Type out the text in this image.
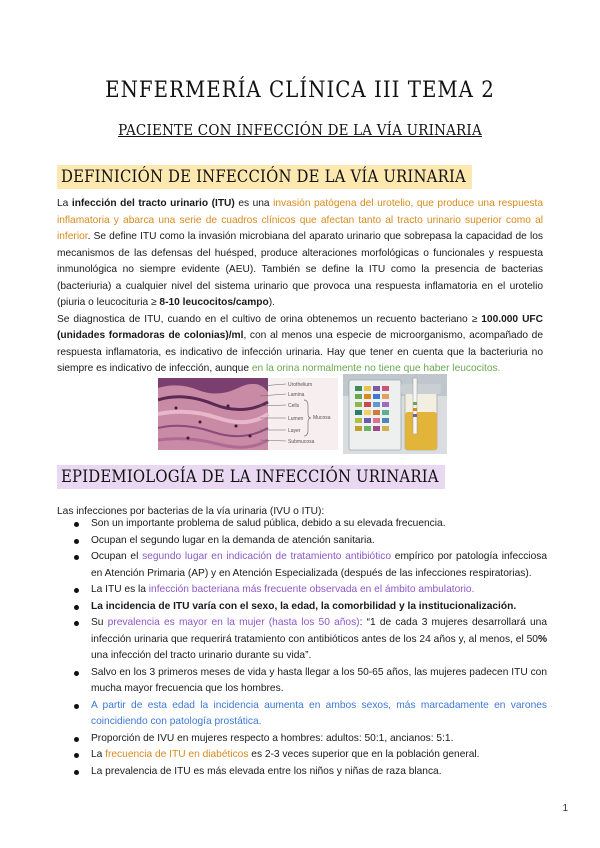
ENFERMERÍA CLÍNICA III TEMA 2
PACIENTE CON INFECCIÓN DE LA VÍA URINARIA
DEFINICIÓN DE INFECCIÓN DE LA VÍA URINARIA
La infección del tracto urinario (ITU) es una invasión patógena del urotelio, que produce una respuesta inflamatoria y abarca una serie de cuadros clínicos que afectan tanto al tracto urinario superior como al inferior. Se define ITU como la invasión microbiana del aparato urinario que sobrepasa la capacidad de los mecanismos de las defensas del huésped, produce alteraciones morfológicas o funcionales y respuesta inmunológica no siempre evidente (AEU). También se define la ITU como la presencia de bacterias (bacteriuria) a cualquier nivel del sistema urinario que provoca una respuesta inflamatoria en el urotelio (piuria o leucocituria ≥ 8-10 leucocitos/campo).
Se diagnostica de ITU, cuando en el cultivo de orina obtenemos un recuento bacteriano ≥ 100.000 UFC (unidades formadoras de colonias)/ml, con al menos una especie de microorganismo, acompañado de respuesta inflamatoria, es indicativo de infección urinaria. Hay que tener en cuenta que la bacteriuria no siempre es indicativo de infección, aunque en la orina normalmente no tiene que haber leucocitos.
Urothelium
Lamina
Cells
Lumen Mucosa
Layer
Submucosa
EPIDEMIOLOGÍA DE LA INFECCIÓN URINARIA
Las infecciones por bacterias de la vía urinaria (IVU o ITU):
Son un importante problema de salud pública, debido a su elevada frecuencia.
Ocupan el segundo lugar en la demanda de atención sanitaria.
Ocupan el segundo lugar en indicación de tratamiento antibiótico empírico por patología infecciosa en Atención Primaria (AP) y en Atención Especializada (después de las infecciones respiratorias).
La ITU es la infección bacteriana más frecuente observada en el ámbito ambulatorio.
La incidencia de ITU varía con el sexo, la edad, la comorbilidad y la institucionalización.
Su prevalencia es mayor en la mujer (hasta los 50 años): “1 de cada 3 mujeres desarrollará una infección urinaria que requerirá tratamiento con antibióticos antes de los 24 años y, al menos, el 50% una infección del tracto urinario durante su vida”.
Salvo en los 3 primeros meses de vida y hasta llegar a los 50-65 años, las mujeres padecen ITU con mucha mayor frecuencia que los hombres.
A partir de esta edad la incidencia aumenta en ambos sexos, más marcadamente en varones coincidiendo con patología prostática.
Proporción de IVU en mujeres respecto a hombres: adultos: 50:1, ancianos: 5:1.
La frecuencia de ITU en diabéticos es 2-3 veces superior que en la población general.
La prevalencia de ITU es más elevada entre los niños y niñas de raza blanca.
1
